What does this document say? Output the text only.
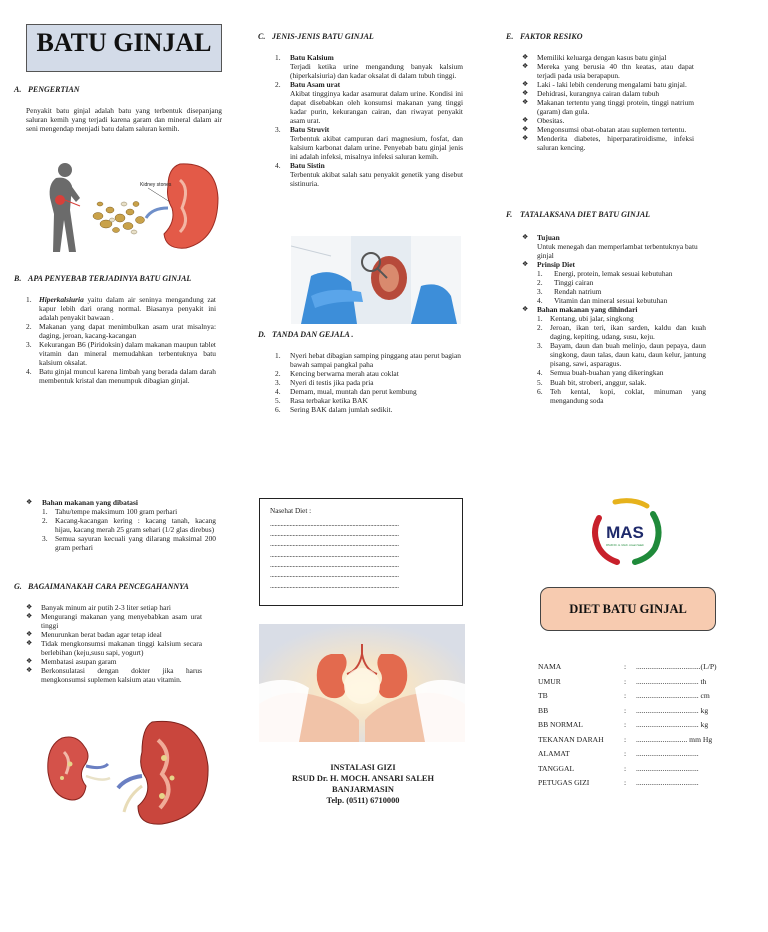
BATU GINJAL
A. PENGERTIAN

Penyakit batu ginjal adalah batu yang terbentuk disepanjang saluran kemih yang terjadi karena garam dan mineral dalam air seni mengendap menjadi batu dalam saluran kemih.

Kidney stones
B. APA PENYEBAB TERJADINYA BATU GINJAL
1. Hiperkalsiuria yaitu dalam air seninya mengandung zat kapur lebih dari orang normal. Biasanya penyakit ini adalah penyakit bawaan .

2. Makanan yang dapat menimbulkan asam urat misalnya: daging, jeroan, kacang-kacangan

3. Kekurangan B6 (Piridoksin) dalam makanan maupun tablet vitamin dan mineral memudahkan terbentuknya batu kalsium oksalat.

4. Batu ginjal muncul karena limbah yang berada dalam darah membentuk kristal dan menumpuk dibagian ginjal.

C. JENIS-JENIS BATU GINJAL
1. Batu Kalsium

Terjadi ketika urine mengandung banyak kalsium (hiperkalsiuria) dan kadar oksalat di dalam tubuh tinggi.

2. Batu Asam urat

Akibat tingginya kadar asamurat dalam urine. Kondisi ini dapat disebabkan oleh konsumsi makanan yang tinggi kadar purin, kekurangan cairan, dan riwayat penyakit asam urat.

3. Batu Struvit

Terbentuk akibat campuran dari magnesium, fosfat, dan kalsium karbonat dalam urine. Penyebab batu ginjal jenis ini adalah infeksi, misalnya infeksi saluran kemih.

4. Batu Sistin

Terbentuk akibat salah satu penyakit genetik yang disebut sistinuria.

D. TANDA DAN GEJALA .
1. Nyeri hebat dibagian samping pinggang atau perut bagian bawah sampai pangkal paha
2. Kencing berwarna merah atau coklat
3. Nyeri di testis jika pada pria
4. Demam, mual, muntah dan perut kembung
5. Rasa terbakar ketika BAK
6. Sering BAK dalam jumlah sedikit.
E. FAKTOR RESIKO
❖ Memiliki keluarga dengan kasus batu ginjal

❖ Mereka yang berusia 40 thn keatas, atau dapat terjadi pada usia berapapun.

❖ Laki - laki lebih cenderung mengalami batu ginjal.

❖ Dehidrasi, kurangnya cairan dalam tubuh

❖ Makanan tertentu yang tinggi protein, tinggi natrium (garam) dan gula.

❖ Obesitas.

❖ Mengonsumsi obat-obatan atau suplemen tertentu.

❖ Menderita diabetes, hiperparatiroidisme, infeksi saluran kencing.

F. TATALAKSANA DIET BATU GINJAL
❖ Tujuan
Untuk menegah dan memperlambat terbentuknya batu ginjal
❖ Prinsip Diet
1. Energi, protein, lemak sesuai kebutuhan
2. Tinggi cairan
3. Rendah natrium
4. Vitamin dan mineral sesuai kebutuhan
❖ Bahan makanan yang dihindari
1. Kentang, ubi jalar, singkong

2. Jeroan, ikan teri, ikan sarden, kaldu dan kuah daging, kepiting, udang, susu, keju.

3. Bayam, daun dan buah melinjo, daun pepaya, daun singkong, daun talas, daun katu, daun kelur, jantung pisang, sawi, asparagus.

4. Semua buah-buahan yang dikeringkan

5. Buah bit, stroberi, anggur, salak.

6. Teh kental, kopi, coklat, minuman yang mengandung soda

❖ Bahan makanan yang dibatasi
1. Tahu/tempe maksimum 100 gram perhari

2. Kacang-kacangan kering : kacang tanah, kacang hijau, kacang merah 25 gram sehari (1/2 glas direbus)

3. Semua sayuran kecuali yang dilarang maksimal 200 gram perhari

G. BAGAIMANAKAH CARA PENCEGAHANNYA
❖ Banyak minum air putih 2-3 liter setiap hari

❖ Mengurangi makanan yang menyebabkan asam urat tinggi

❖ Menurunkan berat badan agar tetap ideal

❖ Tidak mengkonsumsi makanan tinggi kalsium secara berlebihan (keju,susu sapi, yogurt)

❖ Membatasi asupan garam

❖ Berkonsulatasi dengan dokter jika harus mengkonsumsi suplemen kalsium atau vitamin.

Nasehat Diet :
......................................................................................
......................................................................................
......................................................................................
......................................................................................
......................................................................................
......................................................................................
......................................................................................
INSTALASI GIZI
RSUD Dr. H. MOCH. ANSARI SALEH
BANJARMASIN
Telp. (0511) 6710000
MAS
RSUD Dr. H. Moch. Ansari Saleh
DIET BATU GINJAL
NAMA	:	..................................(L/P)
UMUR	:	................................. th
TB	:	................................. cm
BB	:	................................. kg
BB NORMAL	:	................................. kg
TEKANAN DARAH	:	........................... mm Hg
ALAMAT	:	.................................
TANGGAL	:	.................................
PETUGAS GIZI	:	.................................
